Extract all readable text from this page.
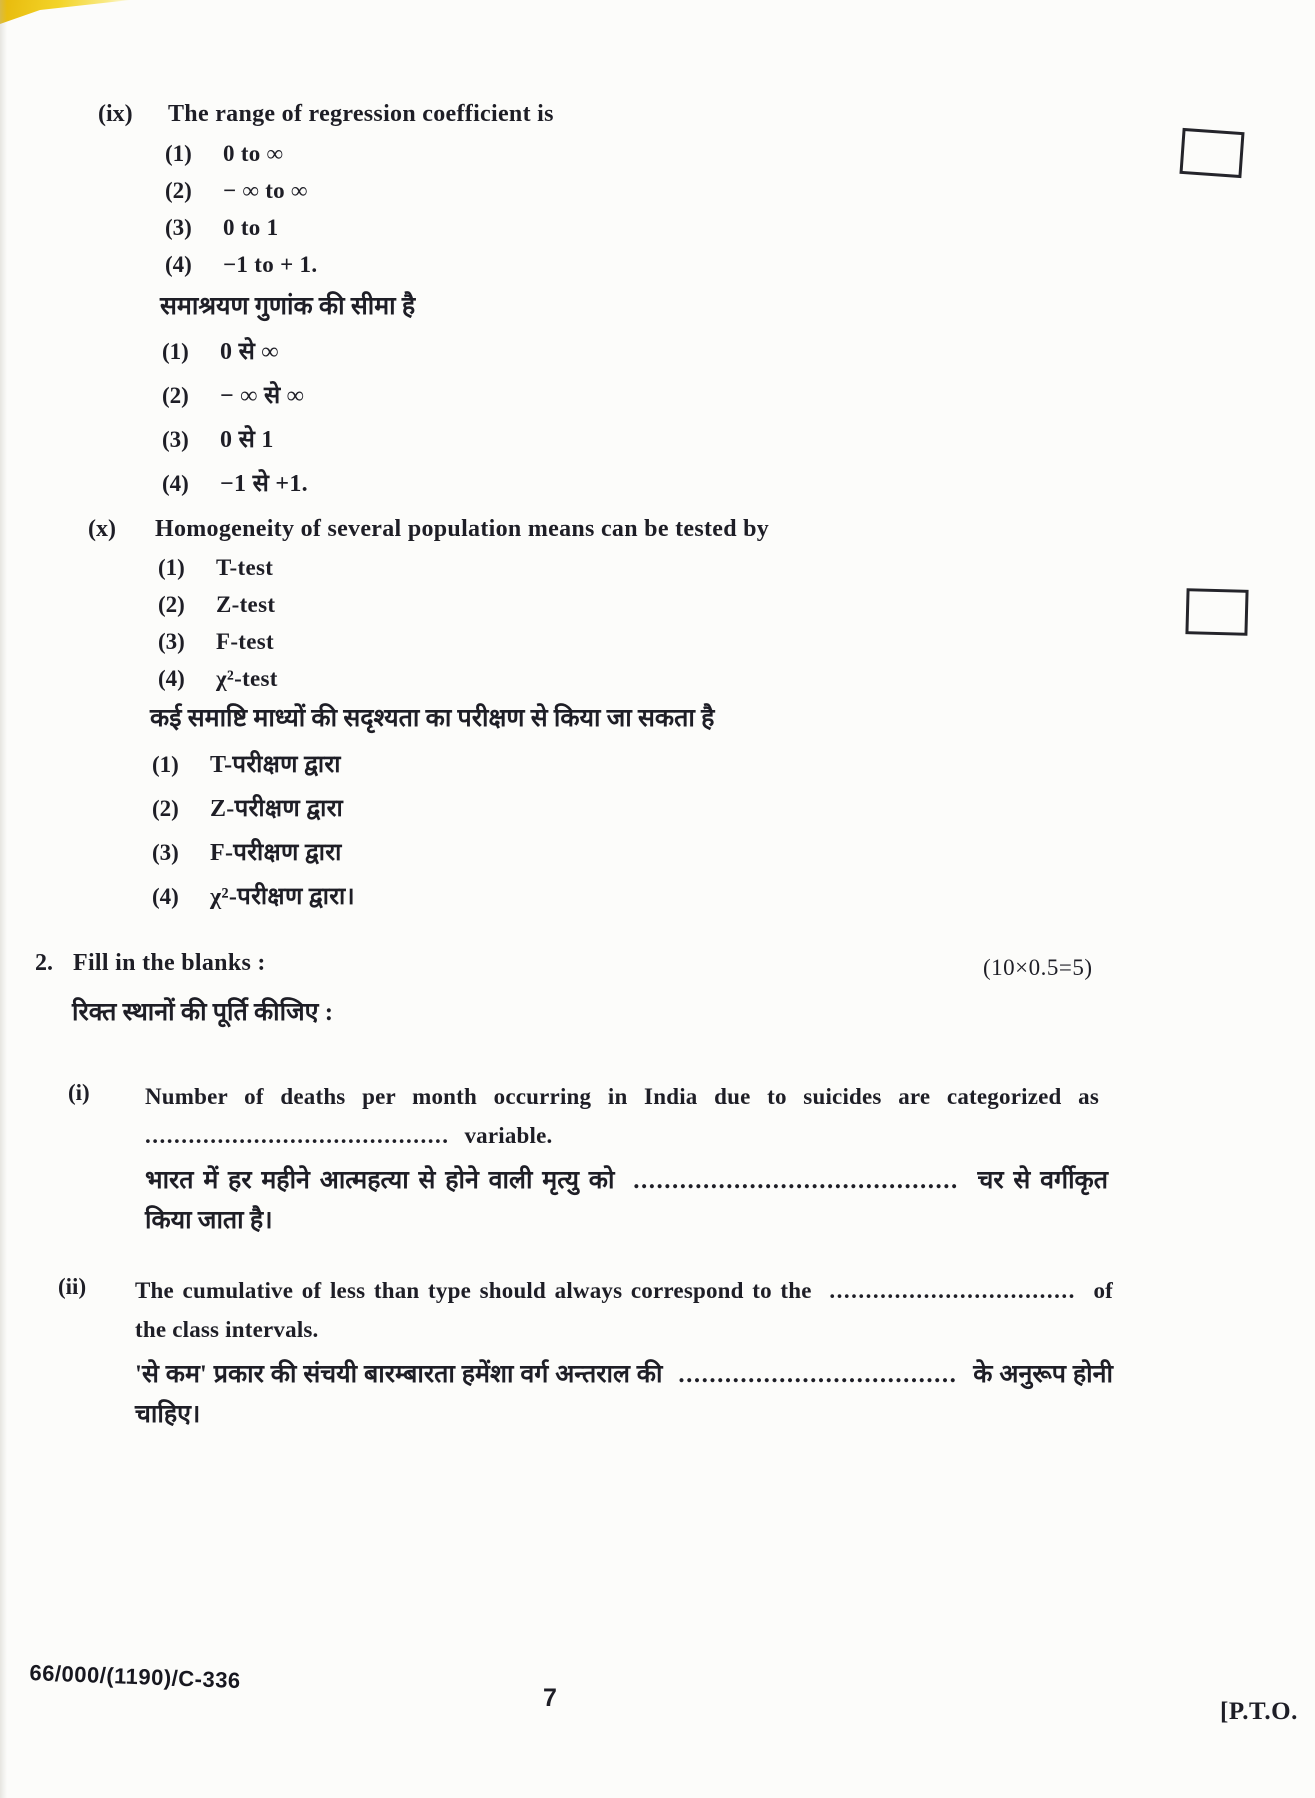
(ix)	The range of regression coefficient is
(1)	0 to ∞
(2)	− ∞ to ∞
(3)	0 to 1
(4)	−1 to + 1.
समाश्रयण गुणांक की सीमा है
(1)	0 से ∞
(2)	− ∞ से ∞
(3)	0 से 1
(4)	−1 से +1.
(x)	Homogeneity of several population means can be tested by
(1)	T-test
(2)	Z-test
(3)	F-test
(4)	χ²-test
कई समाष्टि माध्यों की सदृश्यता का परीक्षण से किया जा सकता है
(1)	T-परीक्षण द्वारा
(2)	Z-परीक्षण द्वारा
(3)	F-परीक्षण द्वारा
(4)	χ²-परीक्षण द्वारा।
2. Fill in the blanks :	(10×0.5=5)
रिक्त स्थानों की पूर्ति कीजिए :
(i) Number of deaths per month occurring in India due to suicides are categorized as .......................................... variable.
भारत में हर महीने आत्महत्या से होने वाली मृत्यु को .......................................... चर से वर्गीकृत किया जाता है।
(ii) The cumulative of less than type should always correspond to the .................................. of the class intervals.
'से कम' प्रकार की संचयी बारम्बारता हमेंशा वर्ग अन्तराल की .................................... के अनुरूप होनी चाहिए।
66/000/(1190)/C-336
7	[P.T.O.
